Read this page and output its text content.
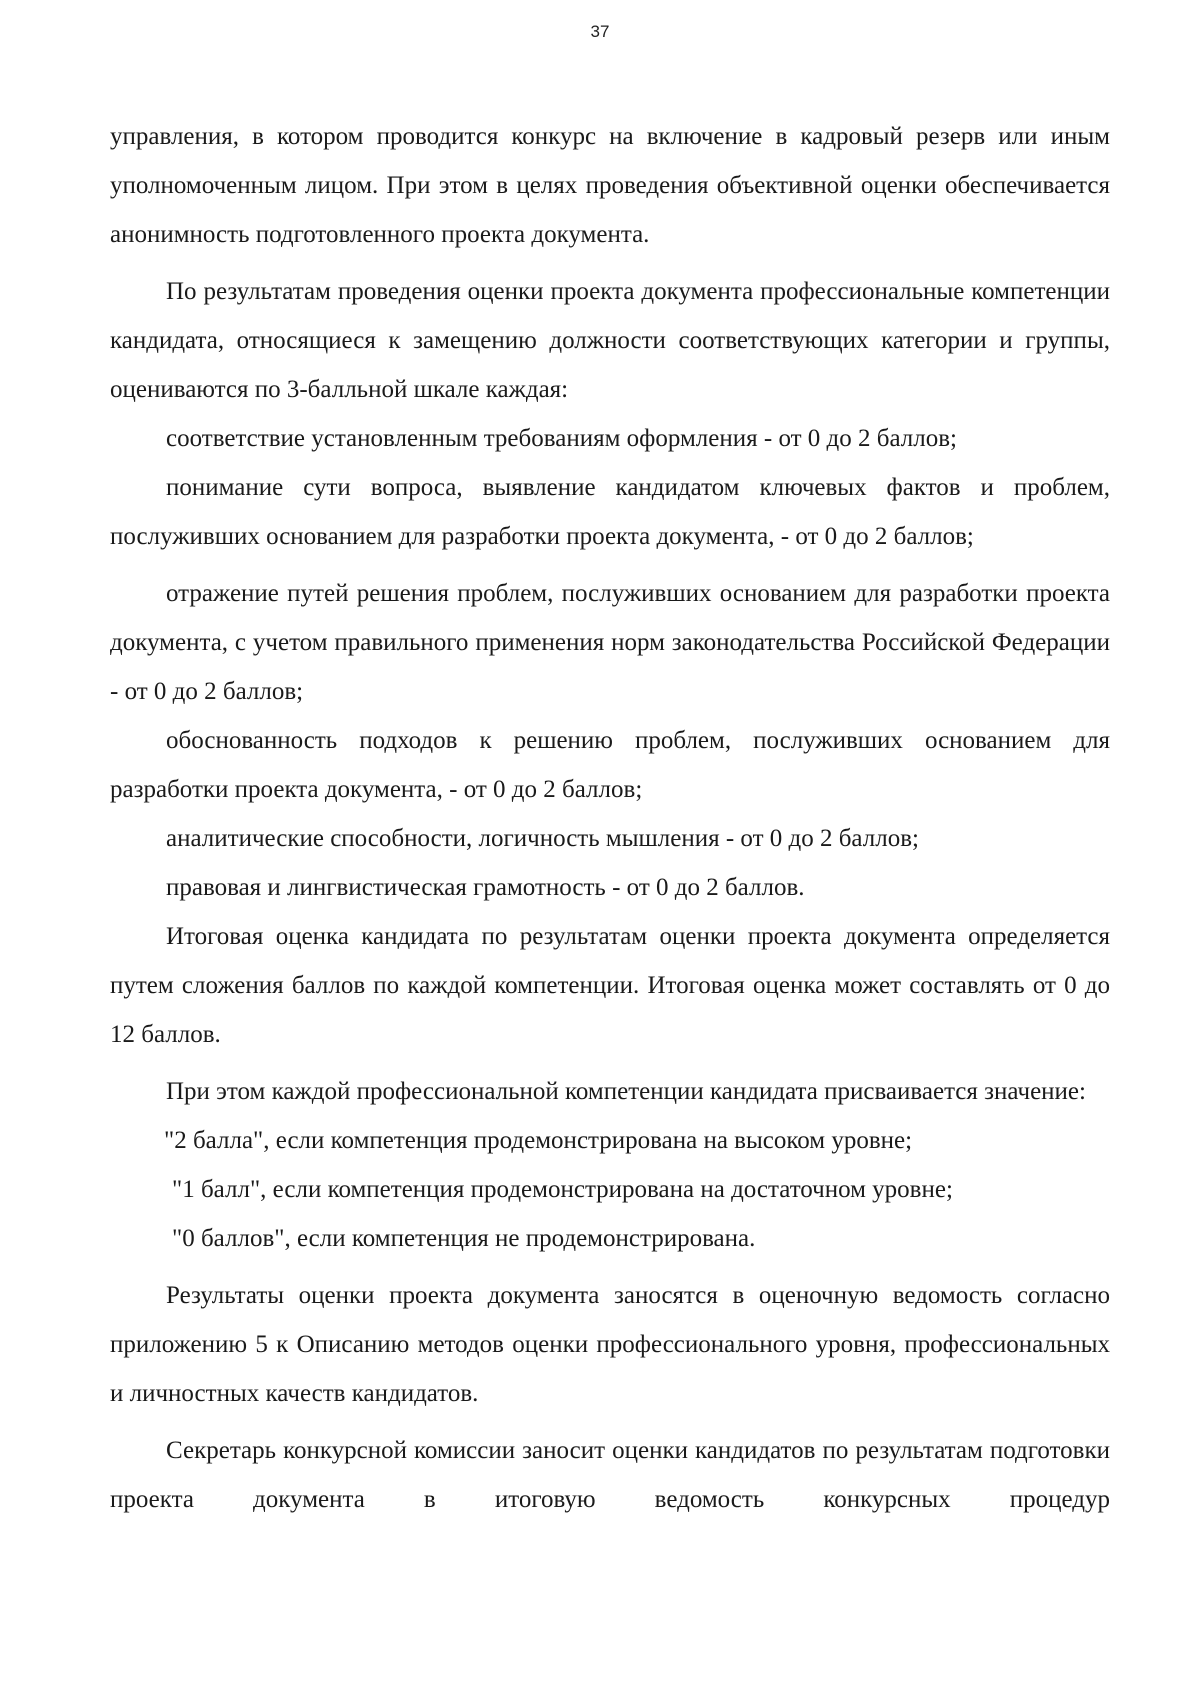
37

управления, в котором проводится конкурс на включение в кадровый резерв или иным уполномоченным лицом. При этом в целях проведения объективной оценки обеспечивается анонимность подготовленного проекта документа.

По результатам проведения оценки проекта документа профессиональные компетенции кандидата, относящиеся к замещению должности соответствующих категории и группы, оцениваются по 3-балльной шкале каждая:

соответствие установленным требованиям оформления - от 0 до 2 баллов;

понимание сути вопроса, выявление кандидатом ключевых фактов и проблем, послуживших основанием для разработки проекта документа, - от 0 до 2 баллов;

отражение путей решения проблем, послуживших основанием для разработки проекта документа, с учетом правильного применения норм законодательства Российской Федерации - от 0 до 2 баллов;

обоснованность подходов к решению проблем, послуживших основанием для разработки проекта документа, - от 0 до 2 баллов;

аналитические способности, логичность мышления - от 0 до 2 баллов;

правовая и лингвистическая грамотность - от 0 до 2 баллов.

Итоговая оценка кандидата по результатам оценки проекта документа определяется путем сложения баллов по каждой компетенции. Итоговая оценка может составлять от 0 до 12 баллов.

При этом каждой профессиональной компетенции кандидата присваивается значение:

"2 балла", если компетенция продемонстрирована на высоком уровне;

"1 балл", если компетенция продемонстрирована на достаточном уровне;

"0 баллов", если компетенция не продемонстрирована.

Результаты оценки проекта документа заносятся в оценочную ведомость согласно приложению 5 к Описанию методов оценки профессионального уровня, профессиональных и личностных качеств кандидатов.

Секретарь конкурсной комиссии заносит оценки кандидатов по результатам подготовки проекта документа в итоговую ведомость конкурсных процедур
